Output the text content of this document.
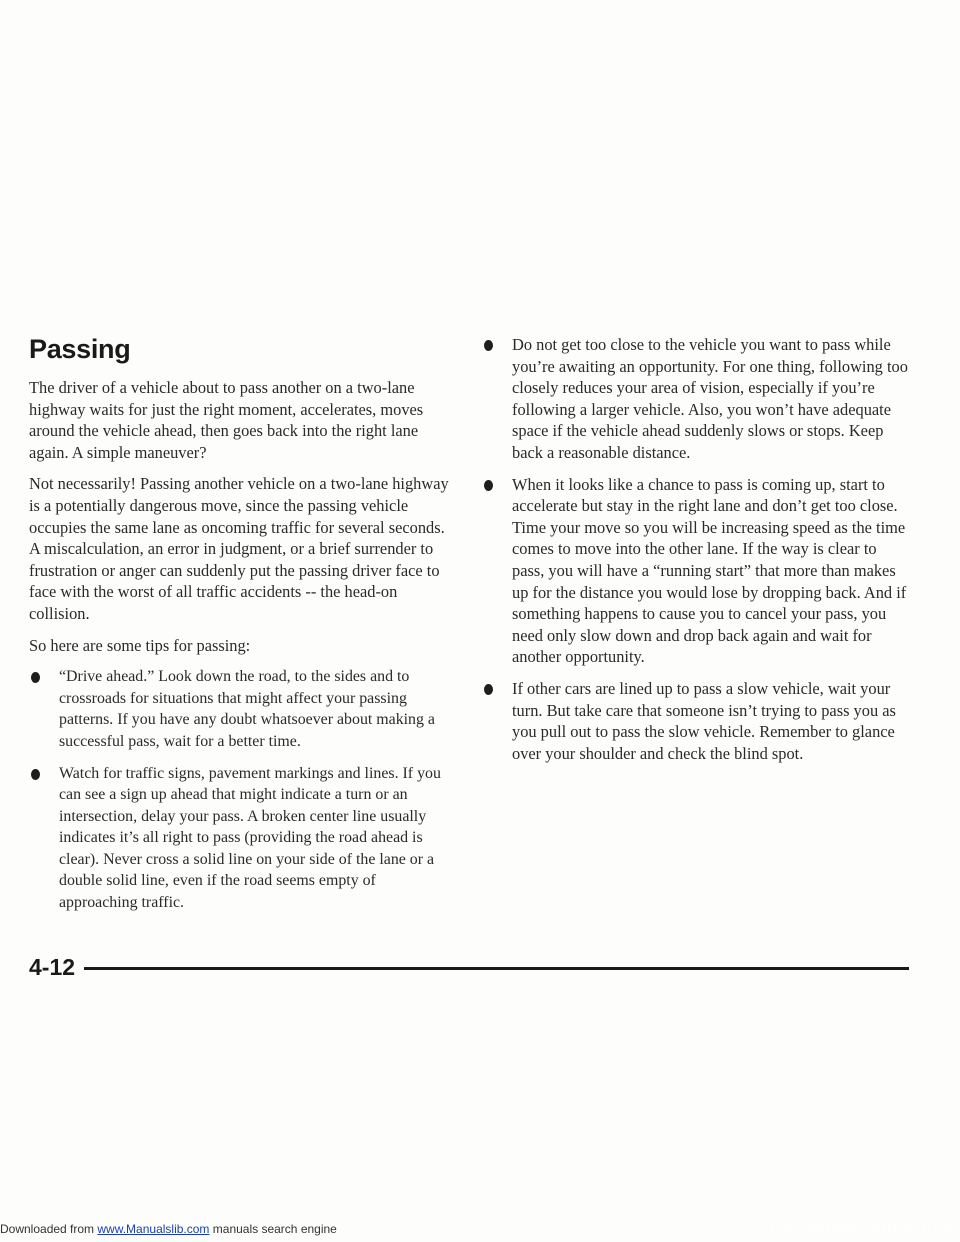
Passing

The driver of a vehicle about to pass another on a two-lane highway waits for just the right moment, accelerates, moves around the vehicle ahead, then goes back into the right lane again. A simple maneuver?

Not necessarily! Passing another vehicle on a two-lane highway is a potentially dangerous move, since the passing vehicle occupies the same lane as oncoming traffic for several seconds. A miscalculation, an error in judgment, or a brief surrender to frustration or anger can suddenly put the passing driver face to face with the worst of all traffic accidents -- the head-on collision.

So here are some tips for passing:

“Drive ahead.” Look down the road, to the sides and to crossroads for situations that might affect your passing patterns. If you have any doubt whatsoever about making a successful pass, wait for a better time.
Watch for traffic signs, pavement markings and lines. If you can see a sign up ahead that might indicate a turn or an intersection, delay your pass. A broken center line usually indicates it’s all right to pass (providing the road ahead is clear). Never cross a solid line on your side of the lane or a double solid line, even if the road seems empty of approaching traffic.
Do not get too close to the vehicle you want to pass while you’re awaiting an opportunity. For one thing, following too closely reduces your area of vision, especially if you’re following a larger vehicle. Also, you won’t have adequate space if the vehicle ahead suddenly slows or stops. Keep back a reasonable distance.
When it looks like a chance to pass is coming up, start to accelerate but stay in the right lane and don’t get too close. Time your move so you will be increasing speed as the time comes to move into the other lane. If the way is clear to pass, you will have a “running start” that more than makes up for the distance you would lose by dropping back. And if something happens to cause you to cancel your pass, you need only slow down and drop back again and wait for another opportunity.
If other cars are lined up to pass a slow vehicle, wait your turn. But take care that someone isn’t trying to pass you as you pull out to pass the slow vehicle. Remember to glance over your shoulder and check the blind spot.
4-12
Downloaded from www.Manualslib.com manuals search engine	carmanualsonline.info
